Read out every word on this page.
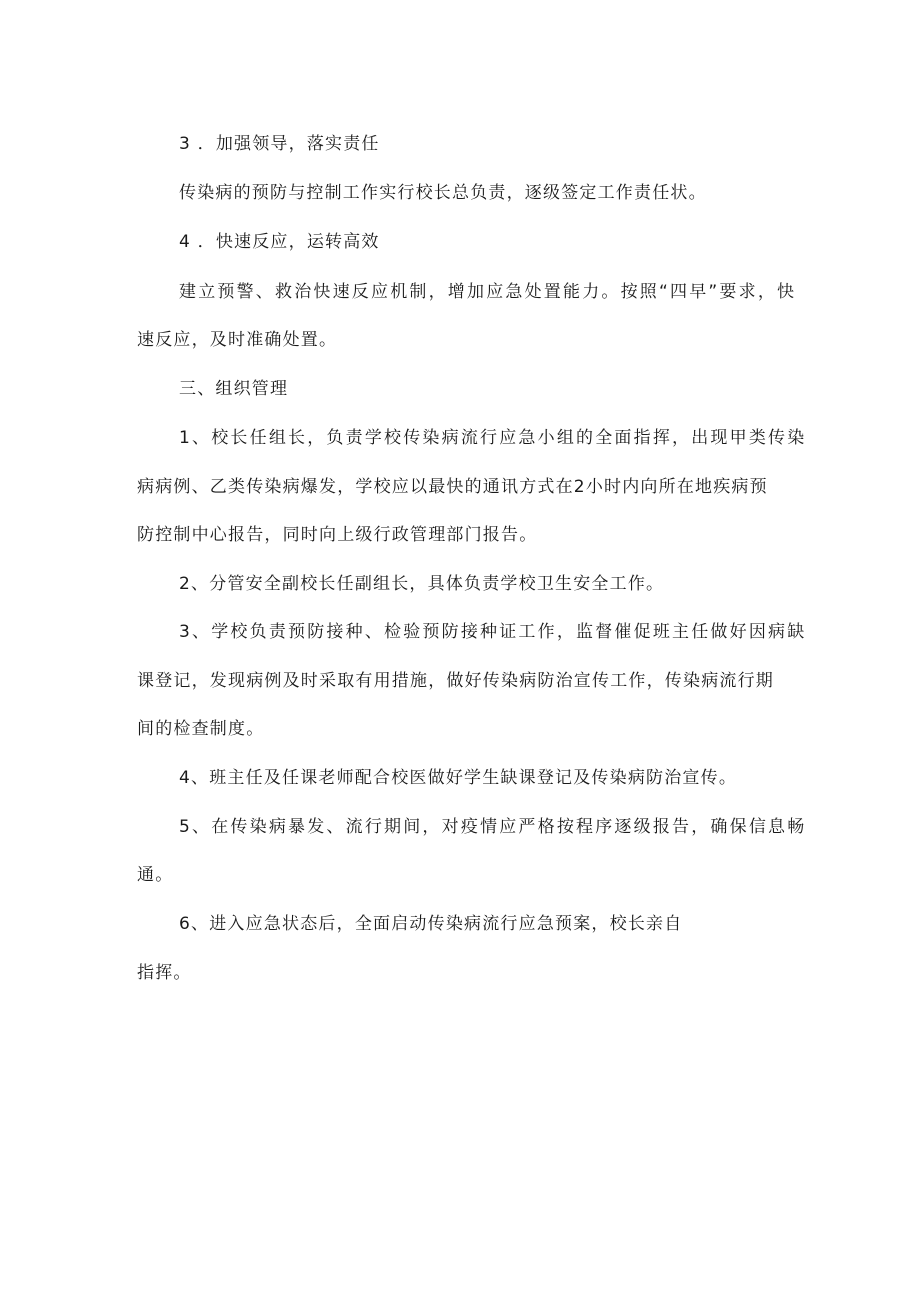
3 ．加强领导，落实责任
传染病的预防与控制工作实行校长总负责，逐级签定工作责任状。
4 ．快速反应，运转高效
建立预警、救治快速反应机制，增加应急处置能力。按照“四早”要求，快
速反应，及时准确处置。
三、组织管理
1、校长任组长，负责学校传染病流行应急小组的全面指挥，出现甲类传染
病病例、乙类传染病爆发，学校应以最快的通讯方式在2小时内向所在地疾病预
防控制中心报告，同时向上级行政管理部门报告。
2、分管安全副校长任副组长，具体负责学校卫生安全工作。
3、学校负责预防接种、检验预防接种证工作，监督催促班主任做好因病缺
课登记，发现病例及时采取有用措施，做好传染病防治宣传工作，传染病流行期
间的检查制度。
4、班主任及任课老师配合校医做好学生缺课登记及传染病防治宣传。
5、在传染病暴发、流行期间，对疫情应严格按程序逐级报告，确保信息畅
通。
6、进入应急状态后，全面启动传染病流行应急预案，校长亲自
指挥。
